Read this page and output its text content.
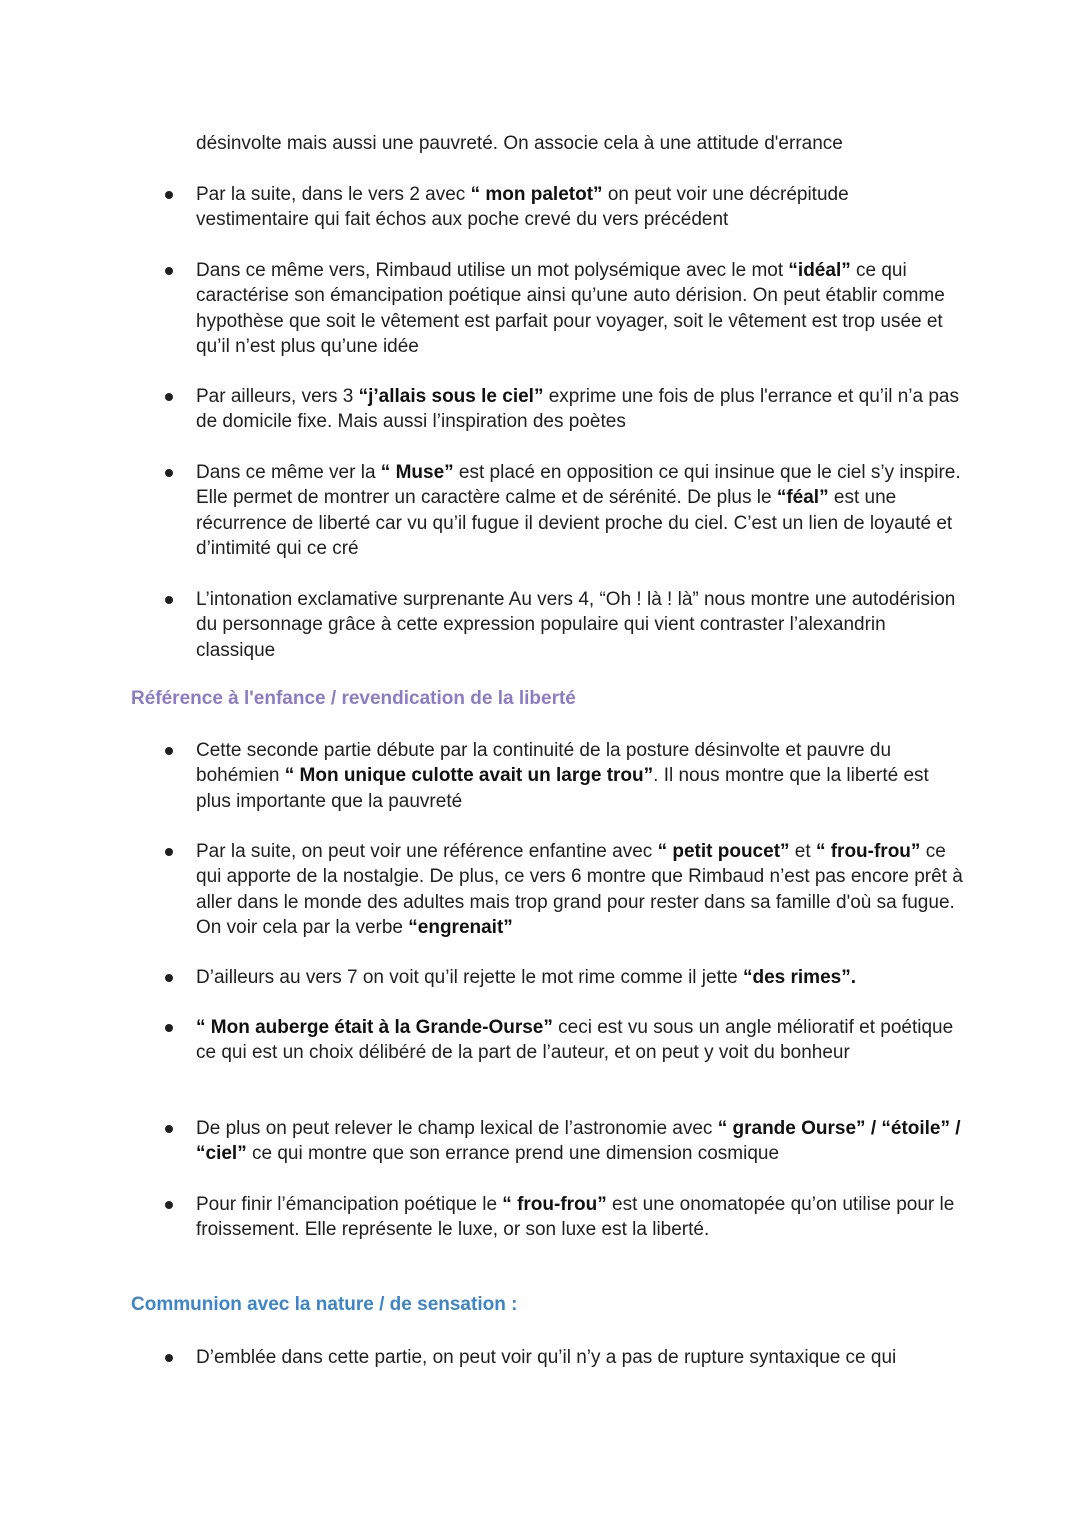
désinvolte mais aussi une pauvreté. On associe cela à une attitude d'errance

Par la suite, dans le vers 2 avec “ mon paletot” on peut voir une décrépitude vestimentaire qui fait échos aux poche crevé du vers précédent

Dans ce même vers, Rimbaud utilise un mot polysémique avec le mot “idéal” ce qui caractérise son émancipation poétique ainsi qu’une auto dérision. On peut établir comme hypothèse que soit le vêtement est parfait pour voyager, soit le vêtement est trop usée et qu’il n’est plus qu’une idée

Par ailleurs, vers 3 “j’allais sous le ciel” exprime une fois de plus l'errance et qu’il n’a pas de domicile fixe. Mais aussi l’inspiration des poètes

Dans ce même ver la “ Muse” est placé en opposition ce qui insinue que le ciel s’y inspire. Elle permet de montrer un caractère calme et de sérénité. De plus le “féal” est une récurrence de liberté car vu qu’il fugue il devient proche du ciel. C’est un lien de loyauté et d’intimité qui ce cré

L’intonation exclamative surprenante Au vers 4, “Oh ! là ! là” nous montre une autodérision du personnage grâce à cette expression populaire qui vient contraster l’alexandrin classique

Référence à l'enfance / revendication de la liberté

Cette seconde partie débute par la continuité de la posture désinvolte et pauvre du bohémien “ Mon unique culotte avait un large trou”. Il nous montre que la liberté est plus importante que la pauvreté

Par la suite, on peut voir une référence enfantine avec “ petit poucet” et “ frou-frou” ce qui apporte de la nostalgie. De plus, ce vers 6 montre que Rimbaud n’est pas encore prêt à aller dans le monde des adultes mais trop grand pour rester dans sa famille d'où sa fugue. On voir cela par la verbe “engrenait”

D’ailleurs au vers 7 on voit qu’il rejette le mot rime comme il jette “des rimes”.

“ Mon auberge était à la Grande-Ourse” ceci est vu sous un angle mélioratif et poétique ce qui est un choix délibéré de la part de l’auteur, et on peut y voit du bonheur

De plus on peut relever le champ lexical de l’astronomie avec “ grande Ourse” / “étoile” / “ciel” ce qui montre que son errance prend une dimension cosmique

Pour finir l’émancipation poétique le “ frou-frou” est une onomatopée qu’on utilise pour le froissement. Elle représente le luxe, or son luxe est la liberté.

Communion avec la nature / de sensation :

D’emblée dans cette partie, on peut voir qu’il n’y a pas de rupture syntaxique ce qui
